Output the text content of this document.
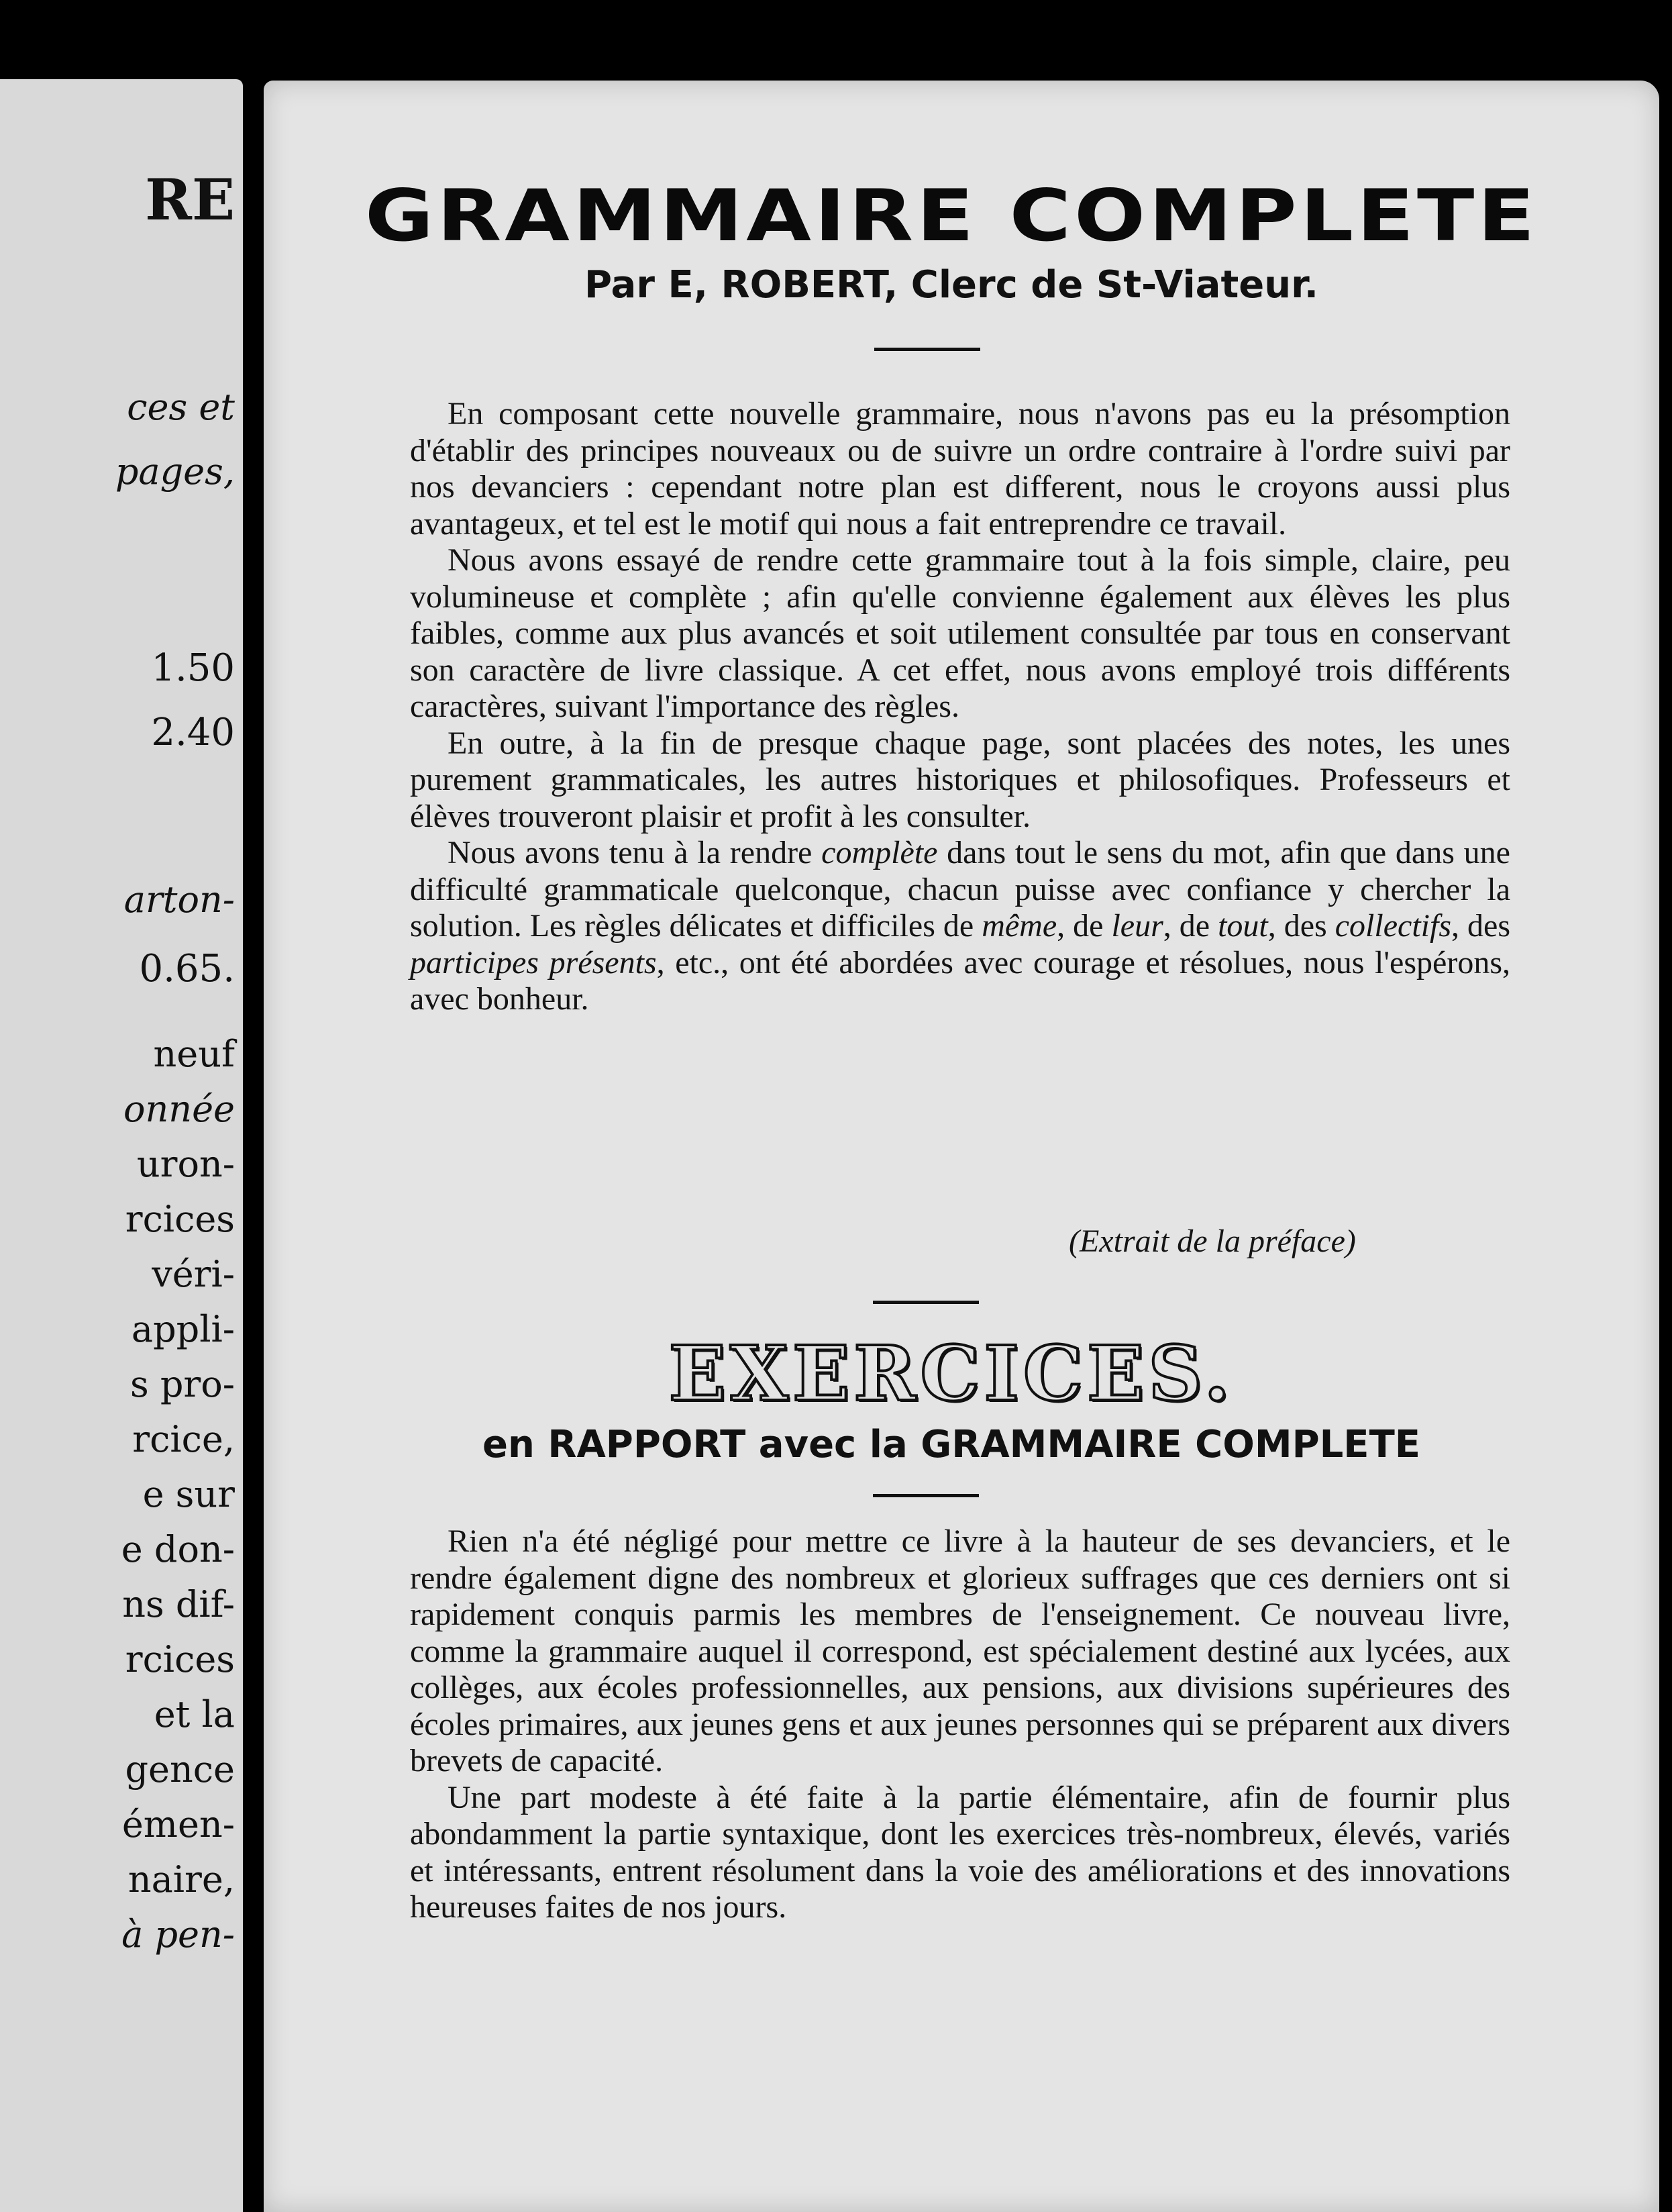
RE

ces et

pages,

1.50

2.40

arton-

0.65.

neuf

onnée

uron-

rcices

véri-

appli-

s pro-

rcice,

e sur

e don-

ns dif-

rcices

et la

gence

émen-

naire,

à pen-

GRAMMAIRE COMPLETE

Par E, ROBERT, Clerc de St-Viateur.

En composant cette nouvelle grammaire, nous n'avons pas eu la présomption d'établir des principes nouveaux ou de suivre un ordre contraire à l'ordre suivi par nos devanciers : cependant notre plan est different, nous le croyons aussi plus avantageux, et tel est le motif qui nous a fait entreprendre ce travail.

Nous avons essayé de rendre cette grammaire tout à la fois simple, claire, peu volumineuse et complète ; afin qu'elle convienne également aux élèves les plus faibles, comme aux plus avancés et soit utilement consultée par tous en conservant son caractère de livre classique. A cet effet, nous avons employé trois différents caractères, suivant l'importance des règles.

En outre, à la fin de presque chaque page, sont placées des notes, les unes purement grammaticales, les autres historiques et philosofiques. Professeurs et élèves trouveront plaisir et profit à les consulter.

Nous avons tenu à la rendre complète dans tout le sens du mot, afin que dans une difficulté grammaticale quelconque, chacun puisse avec confiance y chercher la solution. Les règles délicates et difficiles de même, de leur, de tout, des collectifs, des participes présents, etc., ont été abordées avec courage et résolues, nous l'espérons, avec bonheur.

(Extrait de la préface)

EXERCICES.

en RAPPORT avec la GRAMMAIRE COMPLETE

Rien n'a été négligé pour mettre ce livre à la hauteur de ses devanciers, et le rendre également digne des nombreux et glorieux suffrages que ces derniers ont si rapidement conquis parmis les membres de l'enseignement. Ce nouveau livre, comme la grammaire auquel il correspond, est spécialement destiné aux lycées, aux collèges, aux écoles professionnelles, aux pensions, aux divisions supérieures des écoles primaires, aux jeunes gens et aux jeunes personnes qui se préparent aux divers brevets de capacité.

Une part modeste à été faite à la partie élémentaire, afin de fournir plus abondamment la partie syntaxique, dont les exercices très-nombreux, élevés, variés et intéressants, entrent résolument dans la voie des améliorations et des innovations heureuses faites de nos jours.
